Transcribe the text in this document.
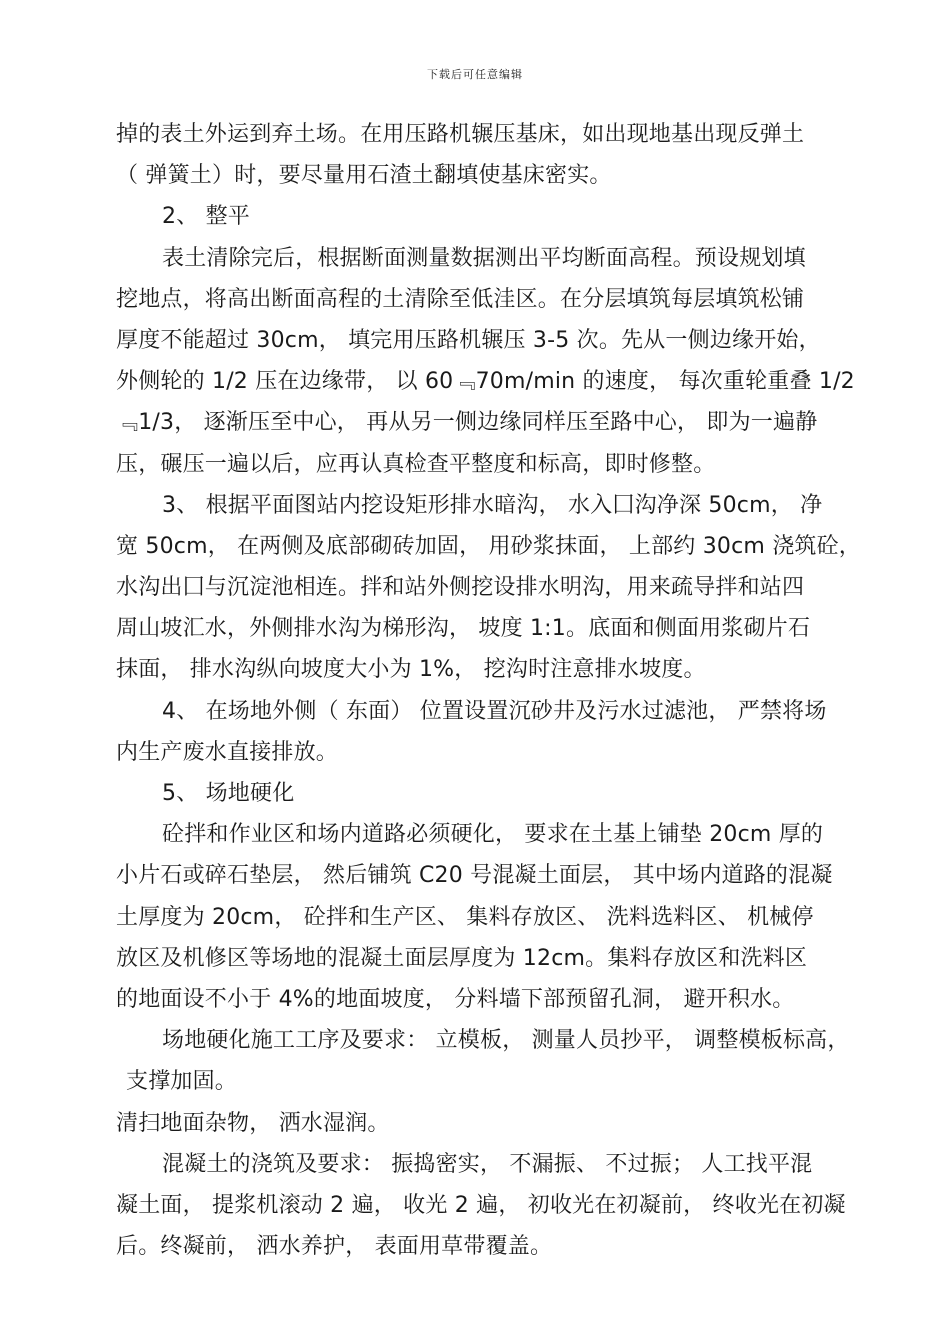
下载后可任意编辑
掉的表土外运到弃土场。在用压路机辗压基床，如出现地基出现反弹土
（ 弹簧土）时，要尽量用石渣土翻填使基床密实。
2、 整平
表土清除完后，根据断面测量数据测出平均断面高程。预设规划填
挖地点，将高出断面高程的土清除至低洼区。在分层填筑每层填筑松铺
厚度不能超过 30cm， 填完用压路机辗压 3-5 次。先从一侧边缘开始，
外侧轮的 1/2 压在边缘带， 以 60﹃70m/min 的速度， 每次重轮重叠 1/2
﹃1/3， 逐渐压至中心， 再从另一侧边缘同样压至路中心， 即为一遍静
压，碾压一遍以后，应再认真检查平整度和标高，即时修整。
3、 根据平面图站内挖设矩形排水暗沟， 水入囗沟净深 50cm， 净
宽 50cm， 在两侧及底部砌砖加固， 用砂浆抹面， 上部约 30cm 浇筑砼，
水沟出囗与沉淀池相连。拌和站外侧挖设排水明沟，用来疏导拌和站四
周山坡汇水，外侧排水沟为梯形沟， 坡度 1:1。底面和侧面用浆砌片石
抹面， 排水沟纵向坡度大小为 1%， 挖沟时注意排水坡度。
4、 在场地外侧（ 东面） 位置设置沉砂井及污水过滤池， 严禁将场
内生产废水直接排放。
5、 场地硬化
砼拌和作业区和场内道路必须硬化， 要求在土基上铺垫 20cm 厚的
小片石或碎石垫层， 然后铺筑 C20 号混凝土面层， 其中场内道路的混凝
土厚度为 20cm， 砼拌和生产区、 集料存放区、 洗料选料区、 机械停
放区及机修区等场地的混凝土面层厚度为 12cm。集料存放区和洗料区
的地面设不小于 4%的地面坡度， 分料墙下部预留孔洞， 避开积水。
场地硬化施工工序及要求： 立模板， 测量人员抄平， 调整模板标高，
支撑加固。
清扫地面杂物， 洒水湿润。
混凝土的浇筑及要求： 振捣密实， 不漏振、 不过振； 人工找平混
凝土面， 提浆机滚动 2 遍， 收光 2 遍， 初收光在初凝前， 终收光在初凝
后。终凝前， 洒水养护， 表面用草带覆盖。
